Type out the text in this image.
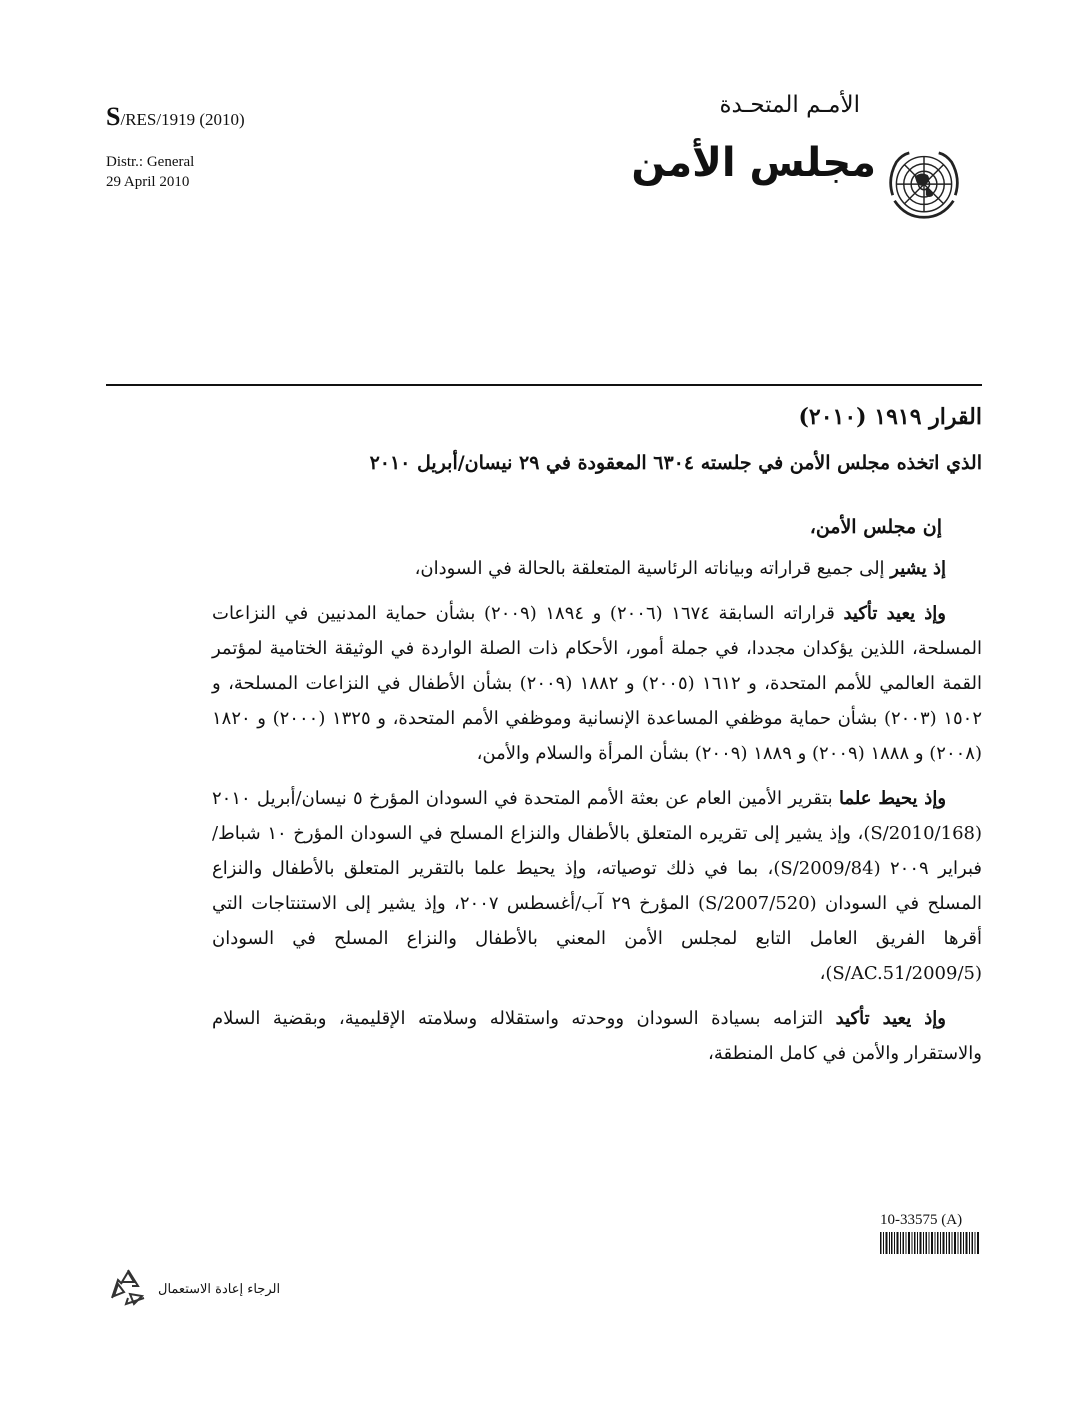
S/RES/1919 (2010)
Distr.: General
29 April 2010
الأمـم المتحـدة
مجلس الأمن
القرار ١٩١٩ (٢٠١٠)
الذي اتخذه مجلس الأمن في جلسته ٦٣٠٤ المعقودة في ٢٩ نيسان/أبريل ٢٠١٠

إن مجلس الأمن،

إذ يشير إلى جميع قراراته وبياناته الرئاسية المتعلقة بالحالة في السودان،

وإذ يعيد تأكيد قراراته السابقة ١٦٧٤ (٢٠٠٦) و ١٨٩٤ (٢٠٠٩) بشأن حماية المدنيين في النزاعات المسلحة، اللذين يؤكدان مجددا، في جملة أمور، الأحكام ذات الصلة الواردة في الوثيقة الختامية لمؤتمر القمة العالمي للأمم المتحدة، و ١٦١٢ (٢٠٠٥) و ١٨٨٢ (٢٠٠٩) بشأن الأطفال في النزاعات المسلحة، و ١٥٠٢ (٢٠٠٣) بشأن حماية موظفي المساعدة الإنسانية وموظفي الأمم المتحدة، و ١٣٢٥ (٢٠٠٠) و ١٨٢٠ (٢٠٠٨) و ١٨٨٨ (٢٠٠٩) و ١٨٨٩ (٢٠٠٩) بشأن المرأة والسلام والأمن،

وإذ يحيط علما بتقرير الأمين العام عن بعثة الأمم المتحدة في السودان المؤرخ ٥ نيسان/أبريل ٢٠١٠ (S/2010/168)، وإذ يشير إلى تقريره المتعلق بالأطفال والنزاع المسلح في السودان المؤرخ ١٠ شباط/فبراير ٢٠٠٩ (S/2009/84)، بما في ذلك توصياته، وإذ يحيط علما بالتقرير المتعلق بالأطفال والنزاع المسلح في السودان (S/2007/520) المؤرخ ٢٩ آب/أغسطس ٢٠٠٧، وإذ يشير إلى الاستنتاجات التي أقرها الفريق العامل التابع لمجلس الأمن المعني بالأطفال والنزاع المسلح في السودان (S/AC.51/2009/5)،

وإذ يعيد تأكيد التزامه بسيادة السودان ووحدته واستقلاله وسلامته الإقليمية، وبقضية السلام والاستقرار والأمن في كامل المنطقة،

10-33575 (A)
الرجاء إعادة الاستعمال
